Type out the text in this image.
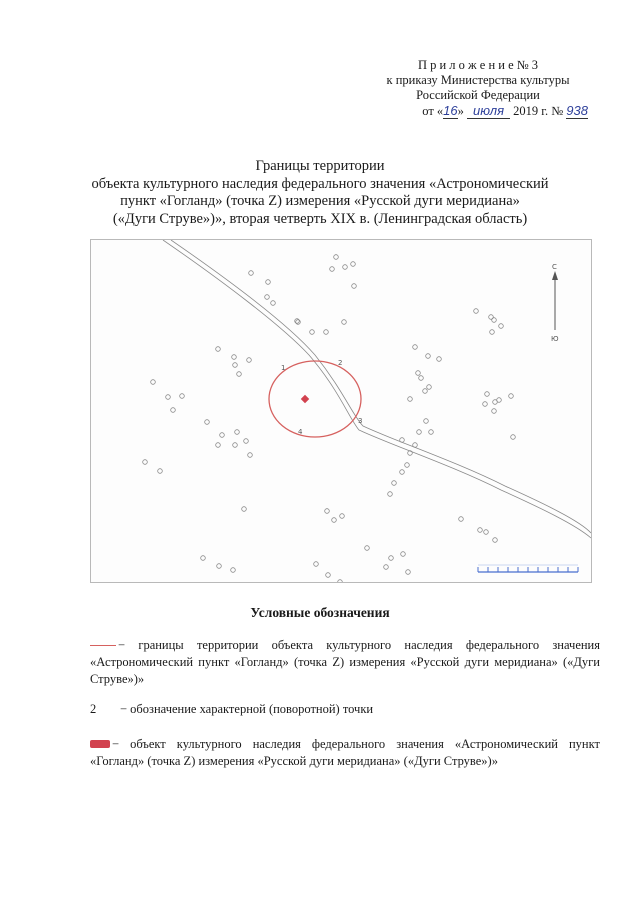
П р и л о ж е н и е № 3
к приказу Министерства культуры
Российской Федерации
от «16» июля 2019 г. № 938
Границы территории
объекта культурного наследия федерального значения «Астрономический
пункт «Гогланд» (точка Z) измерения «Русской дуги меридиана»
(«Дуги Струве»)», вторая четверть XIX в. (Ленинградская область)
1
2
3
4
С
Ю
Условные обозначения
− границы территории объекта культурного наследия федерального значения «Астрономический пункт «Гогланд» (точка Z) измерения «Русской дуги меридиана» («Дуги Струве»)»
2 − обозначение характерной (поворотной) точки
− объект культурного наследия федерального значения «Астрономический пункт «Гогланд» (точка Z) измерения «Русской дуги меридиана» («Дуги Струве»)»
